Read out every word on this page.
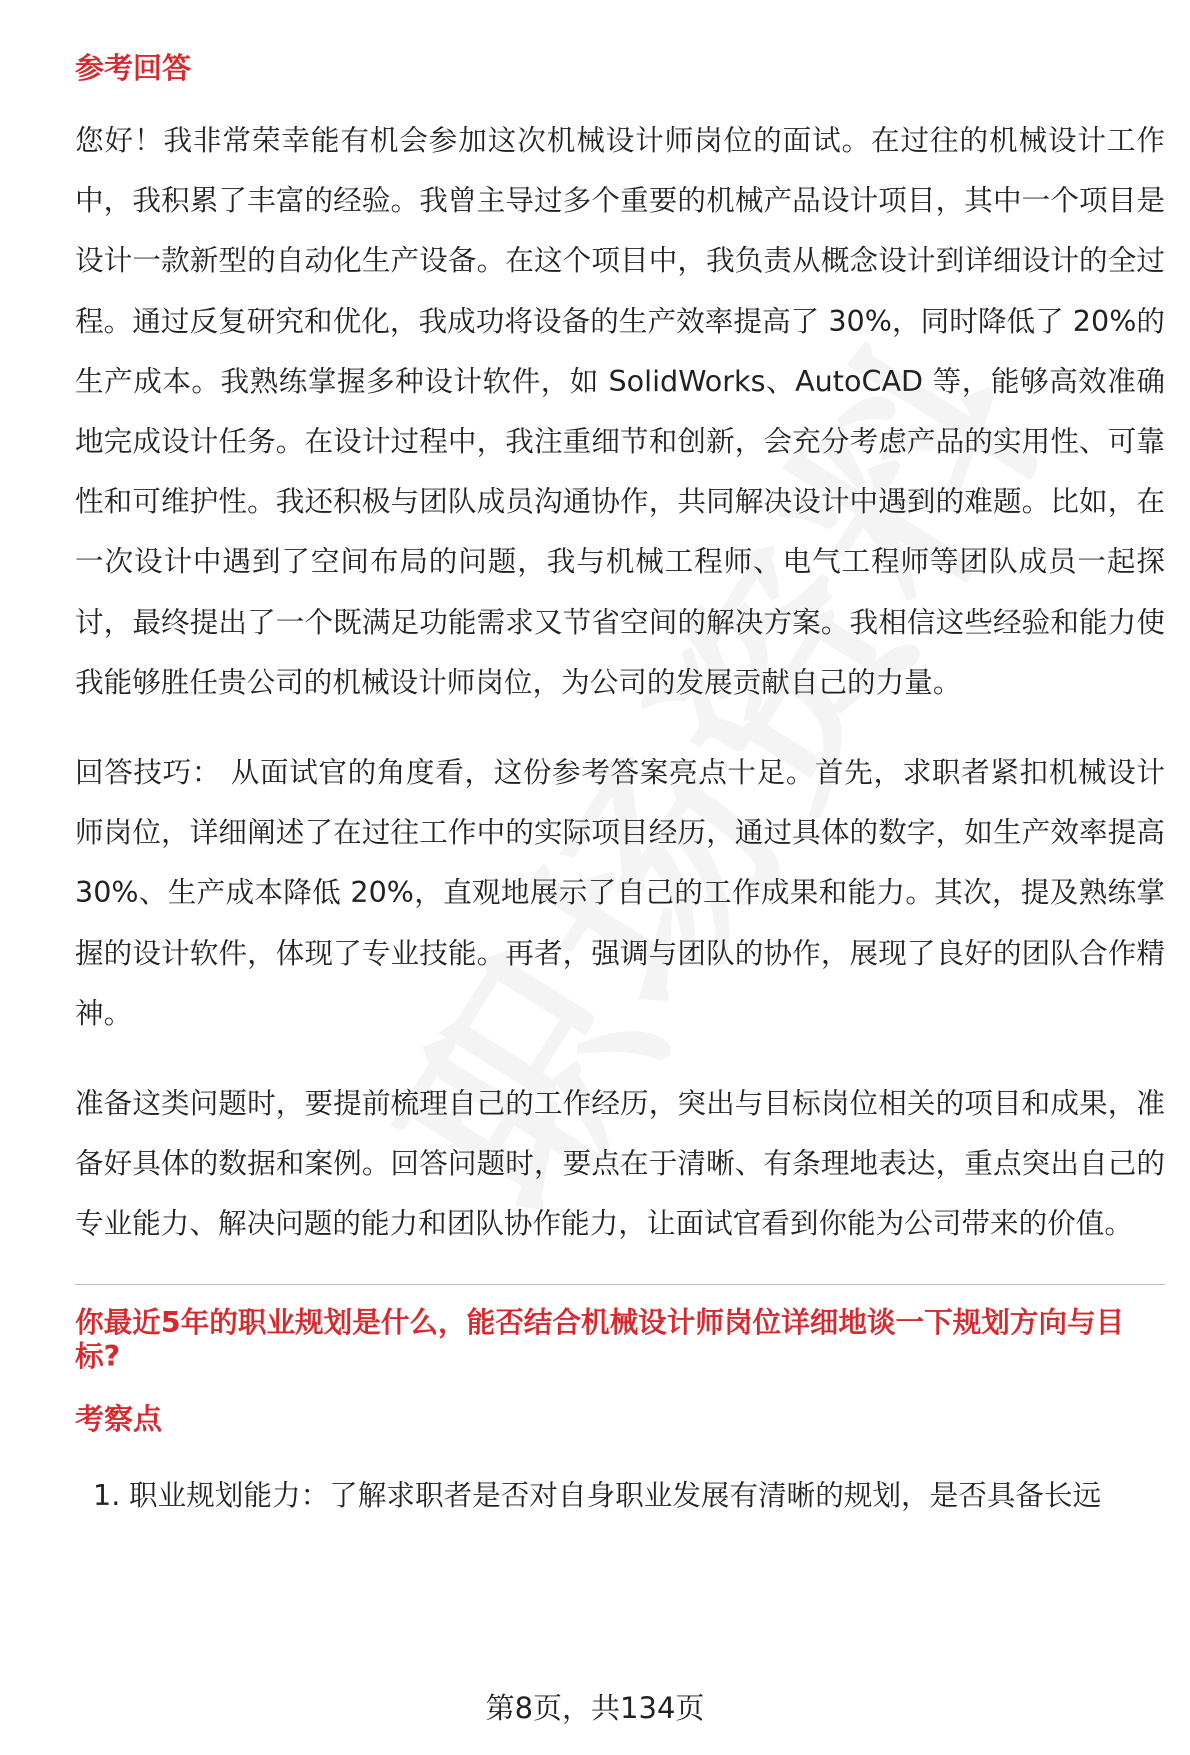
参考回答
您好！我非常荣幸能有机会参加这次机械设计师岗位的面试。在过往的机械设计工作中，我积累了丰富的经验。我曾主导过多个重要的机械产品设计项目，其中一个项目是设计一款新型的自动化生产设备。在这个项目中，我负责从概念设计到详细设计的全过程。通过反复研究和优化，我成功将设备的生产效率提高了 30%，同时降低了 20%的生产成本。我熟练掌握多种设计软件，如 SolidWorks、AutoCAD 等，能够高效准确地完成设计任务。在设计过程中，我注重细节和创新，会充分考虑产品的实用性、可靠性和可维护性。我还积极与团队成员沟通协作，共同解决设计中遇到的难题。比如，在一次设计中遇到了空间布局的问题，我与机械工程师、电气工程师等团队成员一起探讨，最终提出了一个既满足功能需求又节省空间的解决方案。我相信这些经验和能力使我能够胜任贵公司的机械设计师岗位，为公司的发展贡献自己的力量。
回答技巧： 从面试官的角度看，这份参考答案亮点十足。首先，求职者紧扣机械设计师岗位，详细阐述了在过往工作中的实际项目经历，通过具体的数字，如生产效率提高 30%、生产成本降低 20%，直观地展示了自己的工作成果和能力。其次，提及熟练掌握的设计软件，体现了专业技能。再者，强调与团队的协作，展现了良好的团队合作精神。
准备这类问题时，要提前梳理自己的工作经历，突出与目标岗位相关的项目和成果，准备好具体的数据和案例。回答问题时，要点在于清晰、有条理地表达，重点突出自己的专业能力、解决问题的能力和团队协作能力，让面试官看到你能为公司带来的价值。
你最近5年的职业规划是什么，能否结合机械设计师岗位详细地谈一下规划方向与目标?
考察点
1. 职业规划能力：了解求职者是否对自身职业发展有清晰的规划，是否具备长远
第8页，共134页
